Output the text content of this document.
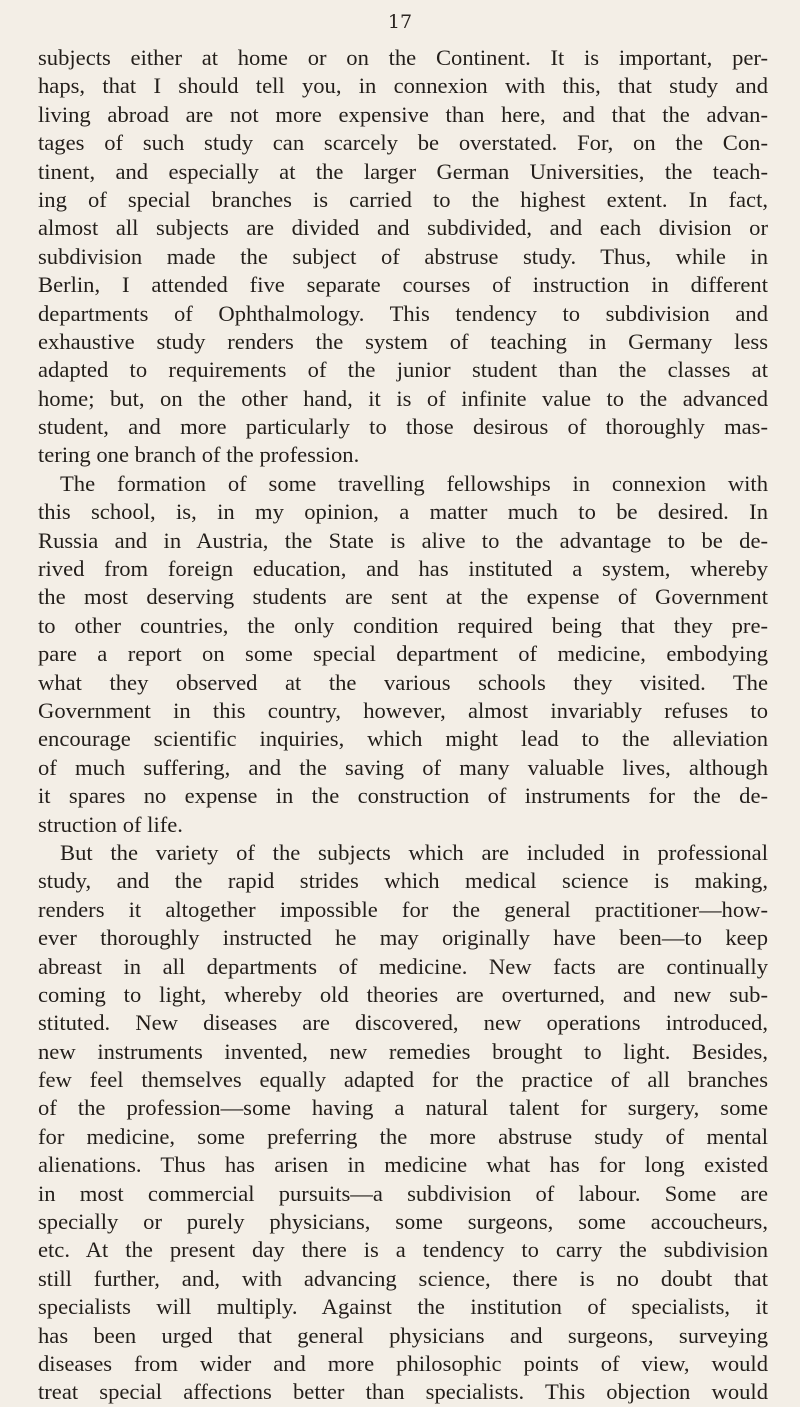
17
subjects either at home or on the Continent. It is important, per-
haps, that I should tell you, in connexion with this, that study and
living abroad are not more expensive than here, and that the advan-
tages of such study can scarcely be overstated. For, on the Con-
tinent, and especially at the larger German Universities, the teach-
ing of special branches is carried to the highest extent. In fact,
almost all subjects are divided and subdivided, and each division or
subdivision made the subject of abstruse study. Thus, while in
Berlin, I attended five separate courses of instruction in different
departments of Ophthalmology. This tendency to subdivision and
exhaustive study renders the system of teaching in Germany less
adapted to requirements of the junior student than the classes at
home; but, on the other hand, it is of infinite value to the advanced
student, and more particularly to those desirous of thoroughly mas-
tering one branch of the profession.
The formation of some travelling fellowships in connexion with
this school, is, in my opinion, a matter much to be desired. In
Russia and in Austria, the State is alive to the advantage to be de-
rived from foreign education, and has instituted a system, whereby
the most deserving students are sent at the expense of Government
to other countries, the only condition required being that they pre-
pare a report on some special department of medicine, embodying
what they observed at the various schools they visited. The
Government in this country, however, almost invariably refuses to
encourage scientific inquiries, which might lead to the alleviation
of much suffering, and the saving of many valuable lives, although
it spares no expense in the construction of instruments for the de-
struction of life.
But the variety of the subjects which are included in professional
study, and the rapid strides which medical science is making,
renders it altogether impossible for the general practitioner—how-
ever thoroughly instructed he may originally have been—to keep
abreast in all departments of medicine. New facts are continually
coming to light, whereby old theories are overturned, and new sub-
stituted. New diseases are discovered, new operations introduced,
new instruments invented, new remedies brought to light. Besides,
few feel themselves equally adapted for the practice of all branches
of the profession—some having a natural talent for surgery, some
for medicine, some preferring the more abstruse study of mental
alienations. Thus has arisen in medicine what has for long existed
in most commercial pursuits—a subdivision of labour. Some are
specially or purely physicians, some surgeons, some accoucheurs,
etc. At the present day there is a tendency to carry the subdivision
still further, and, with advancing science, there is no doubt that
specialists will multiply. Against the institution of specialists, it
has been urged that general physicians and surgeons, surveying
diseases from wider and more philosophic points of view, would
treat special affections better than specialists. This objection would
